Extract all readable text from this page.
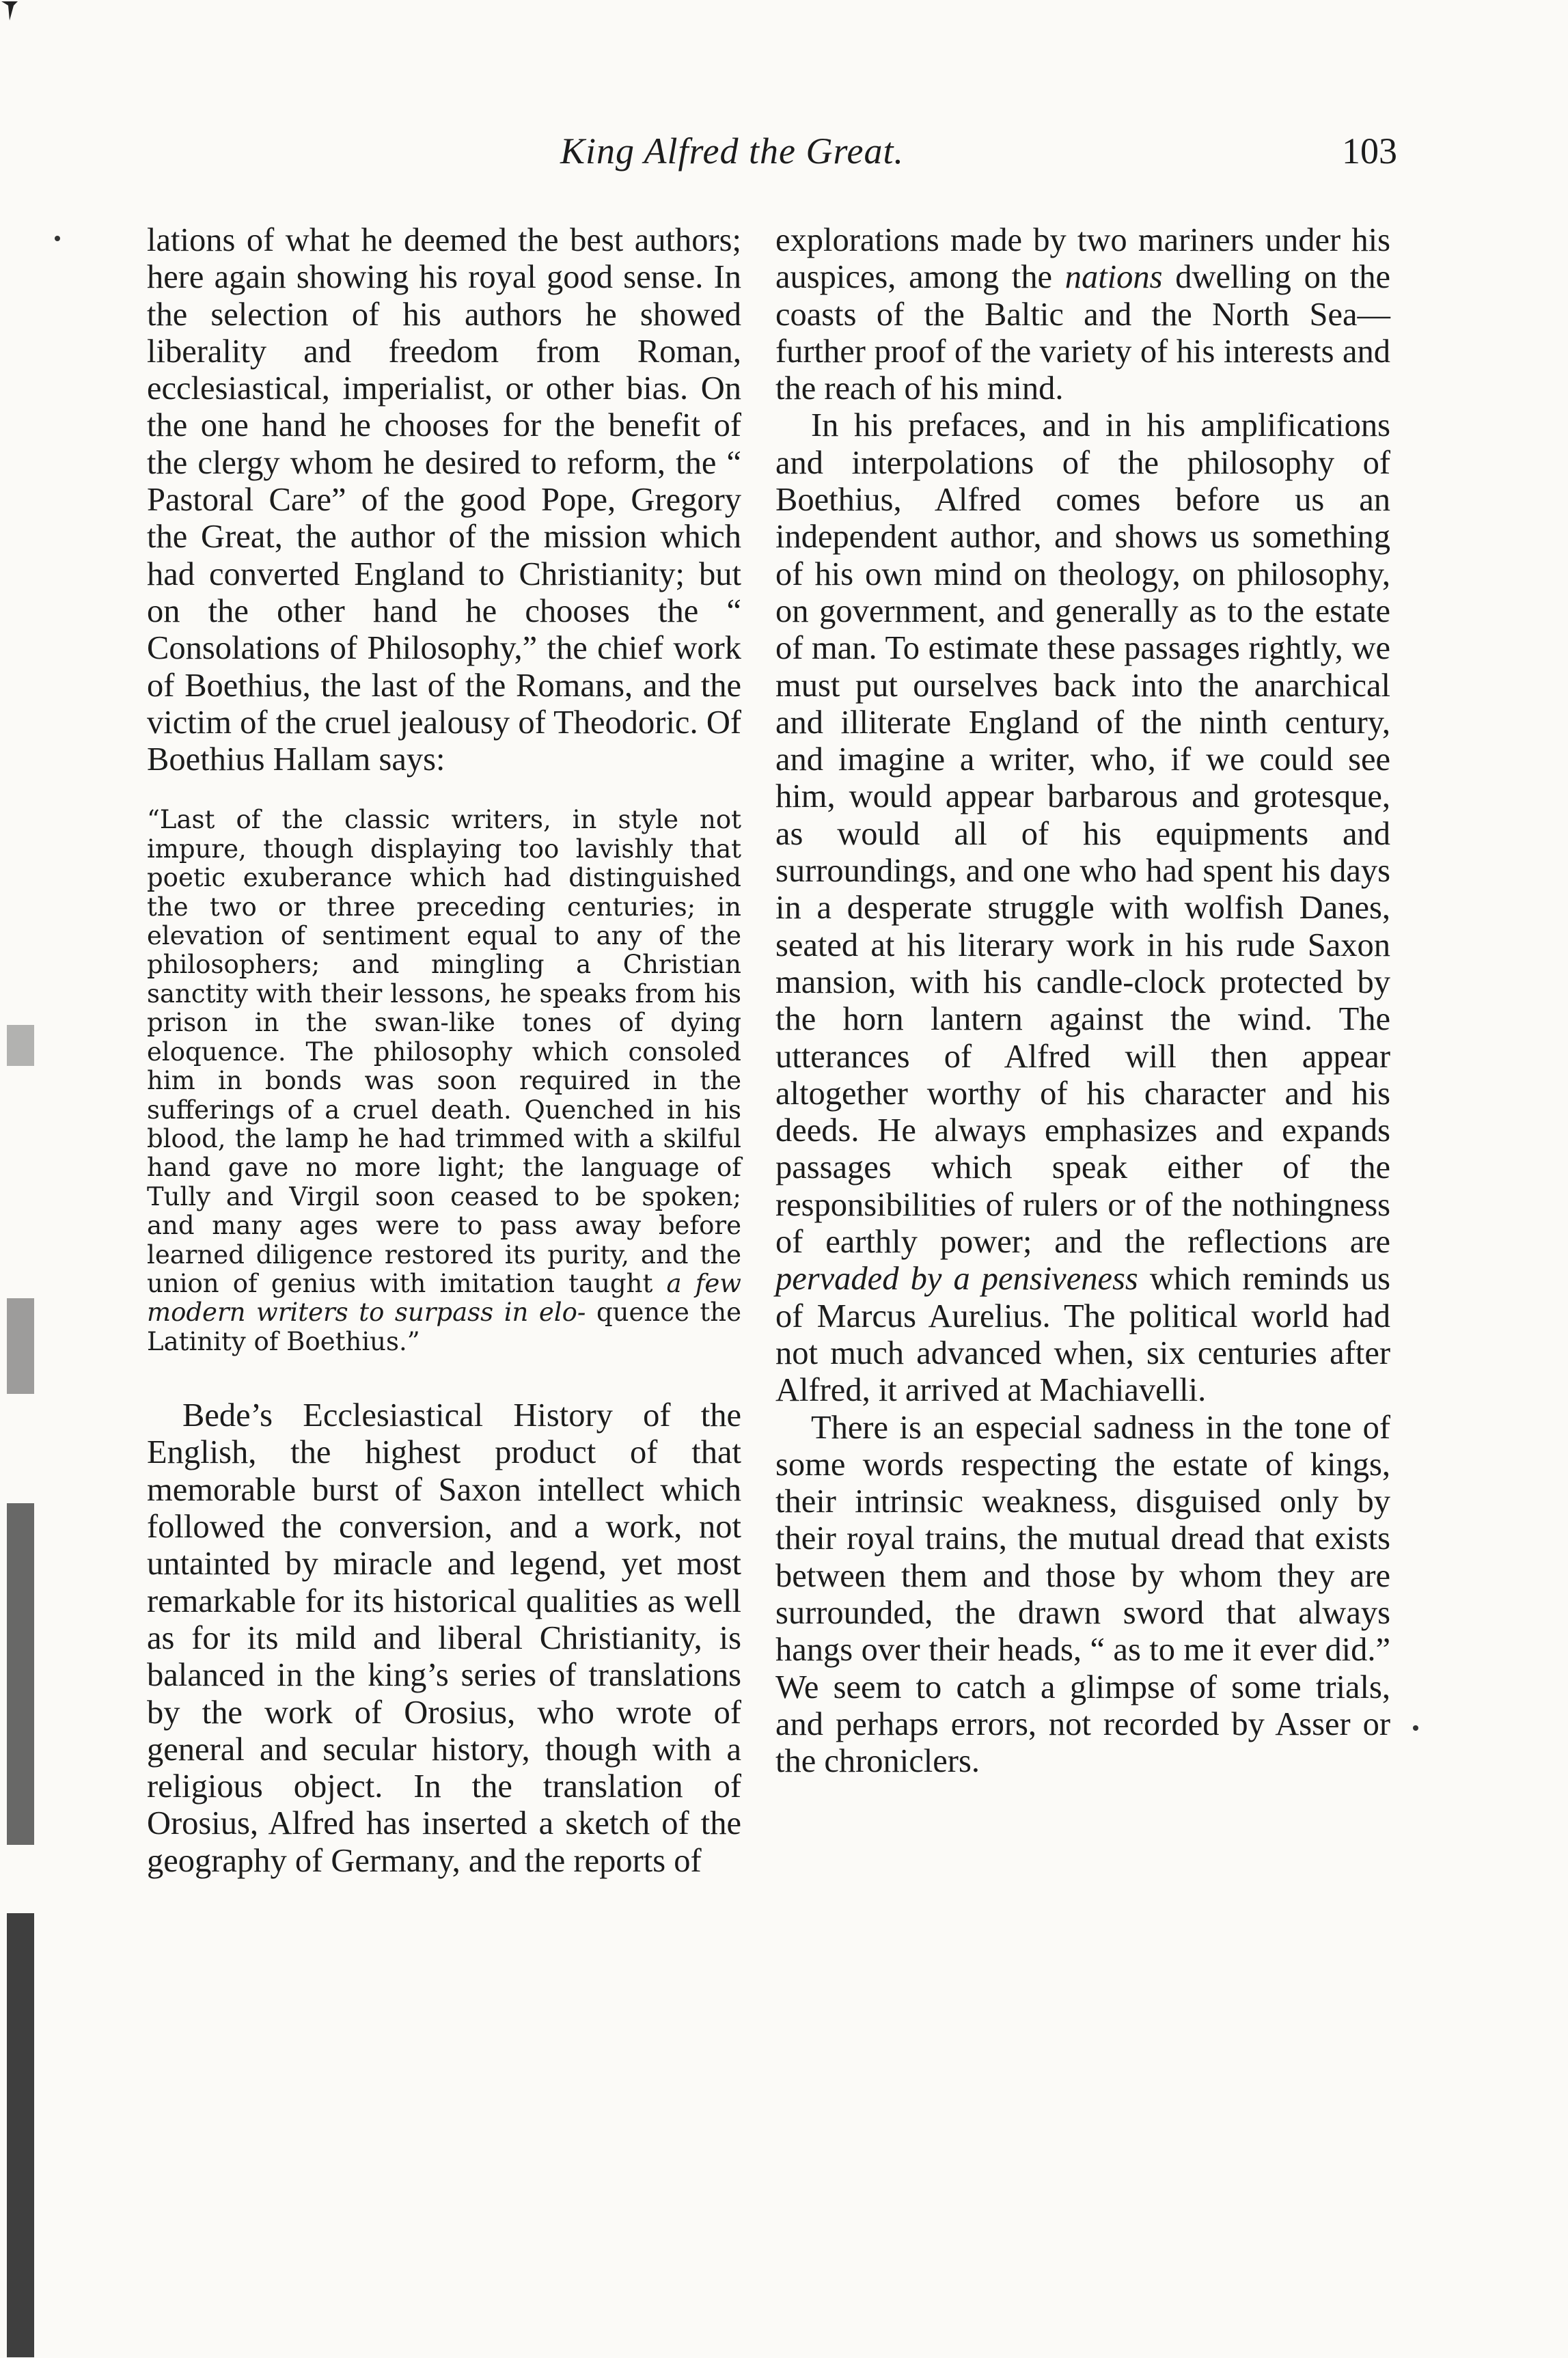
King Alfred the Great.	103

lations of what he deemed the best authors; here again showing his royal good sense. In the selection of his authors he showed liberality and freedom from Roman, ecclesiastical, imperialist, or other bias. On the one hand he chooses for the benefit of the clergy whom he desired to reform, the “ Pastoral Care” of the good Pope, Gregory the Great, the author of the mission which had converted England to Christianity; but on the other hand he chooses the “ Consolations of Philosophy,” the chief work of Boethius, the last of the Romans, and the victim of the cruel jealousy of Theodoric. Of Boethius Hallam says:

“Last of the classic writers, in style not impure, though displaying too lavishly that poetic exuberance which had distinguished the two or three preceding centuries; in elevation of sentiment equal to any of the philosophers; and mingling a Christian sanctity with their lessons, he speaks from his prison in the swan-like tones of dying eloquence. The philosophy which consoled him in bonds was soon required in the sufferings of a cruel death. Quenched in his blood, the lamp he had trimmed with a skilful hand gave no more light; the language of Tully and Virgil soon ceased to be spoken; and many ages were to pass away before learned diligence restored its purity, and the union of genius with imitation taught a few modern writers to surpass in elo- quence the Latinity of Boethius.”

Bede’s Ecclesiastical History of the English, the highest product of that memorable burst of Saxon intellect which followed the conversion, and a work, not untainted by miracle and legend, yet most remarkable for its historical qualities as well as for its mild and liberal Christianity, is balanced in the king’s series of translations by the work of Orosius, who wrote of general and secular history, though with a religious object. In the translation of Orosius, Alfred has inserted a sketch of the geography of Germany, and the reports of

explorations made by two mariners under his auspices, among the nations dwelling on the coasts of the Baltic and the North Sea—further proof of the variety of his interests and the reach of his mind.

In his prefaces, and in his amplifications and interpolations of the philosophy of Boethius, Alfred comes before us an independent author, and shows us something of his own mind on theology, on philosophy, on government, and generally as to the estate of man. To estimate these passages rightly, we must put ourselves back into the anarchical and illiterate England of the ninth century, and imagine a writer, who, if we could see him, would appear barbarous and grotesque, as would all of his equipments and surroundings, and one who had spent his days in a desperate struggle with wolfish Danes, seated at his literary work in his rude Saxon mansion, with his candle-clock protected by the horn lantern against the wind. The utterances of Alfred will then appear altogether worthy of his character and his deeds. He always emphasizes and expands passages which speak either of the responsibilities of rulers or of the nothingness of earthly power; and the reflections are pervaded by a pensiveness which reminds us of Marcus Aurelius. The political world had not much advanced when, six centuries after Alfred, it arrived at Machiavelli.

There is an especial sadness in the tone of some words respecting the estate of kings, their intrinsic weakness, disguised only by their royal trains, the mutual dread that exists between them and those by whom they are surrounded, the drawn sword that always hangs over their heads, “ as to me it ever did.” We seem to catch a glimpse of some trials, and perhaps errors, not recorded by Asser or the chroniclers.
